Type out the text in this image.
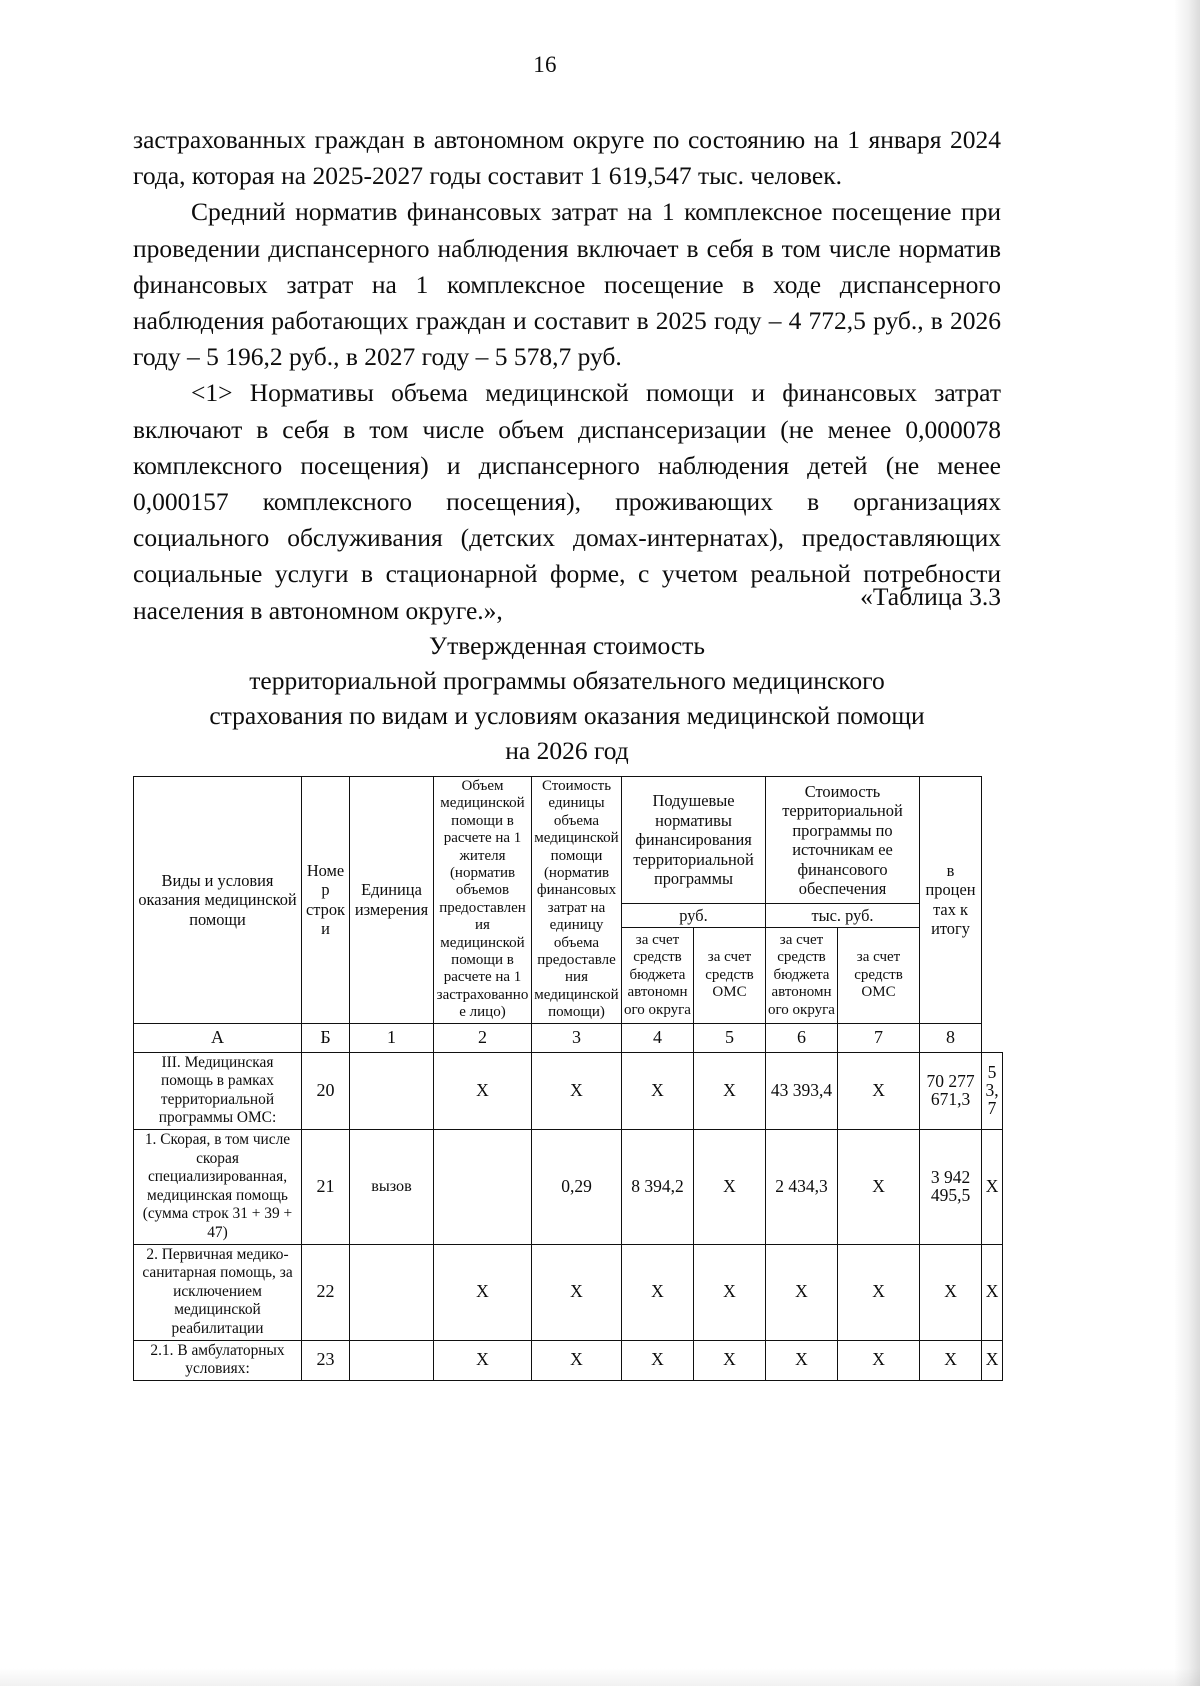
16

застрахованных граждан в автономном округе по состоянию на 1 января 2024 года, которая на 2025-2027 годы составит 1 619,547 тыс. человек.

Средний норматив финансовых затрат на 1 комплексное посещение при проведении диспансерного наблюдения включает в себя в том числе норматив финансовых затрат на 1 комплексное посещение в ходе диспансерного наблюдения работающих граждан и составит в 2025 году – 4 772,5 руб., в 2026 году – 5 196,2 руб., в 2027 году – 5 578,7 руб.

<1> Нормативы объема медицинской помощи и финансовых затрат включают в себя в том числе объем диспансеризации (не менее 0,000078 комплексного посещения) и диспансерного наблюдения детей (не менее 0,000157 комплексного посещения), проживающих в организациях социального обслуживания (детских домах-интернатах), предоставляющих социальные услуги в стационарной форме, с учетом реальной потребности населения в автономном округе.»,	«Таблица 3.3
Утвержденная стоимость
территориальной программы обязательного медицинского
страхования по видам и условиям оказания медицинской помощи
на 2026 год
Виды и условия оказания медицинской помощи	Номер строки	Единица измерения	Объем медицинской помощи в расчете на 1 жителя (норматив объемов предоставления медицинской помощи в расчете на 1 застрахованное лицо)	Стоимость единицы объема медицинской помощи (норматив финансовых затрат на единицу объема предоставления медицинской помощи)	Подушевые нормативы финансирования территориальной программы		Стоимость территориальной программы по источникам ее финансового обеспечения		в процентах к итогу	
					руб.		тыс. руб.			
					за счет средств бюджета автономного округа	за счет средств ОМС	за счет средств бюджета автономного округа	за счет средств ОМС		
А	Б	1	2	3	4	5	6	7	8	
III. Медицинская помощь в рамках территориальной программы ОМС:	20		Х	Х	Х	Х	43 393,4	Х	70 277 671,3	53,7
1. Скорая, в том числе скорая специализированная, медицинская помощь (сумма строк 31 + 39 + 47)	21	вызов		0,29	8 394,2	Х	2 434,3	Х	3 942 495,5	Х
2. Первичная медико-санитарная помощь, за исключением медицинской реабилитации	22		Х	Х	Х	Х	Х	Х	Х	Х
2.1. В амбулаторных условиях:	23		Х	Х	Х	Х	Х	Х	Х	Х
